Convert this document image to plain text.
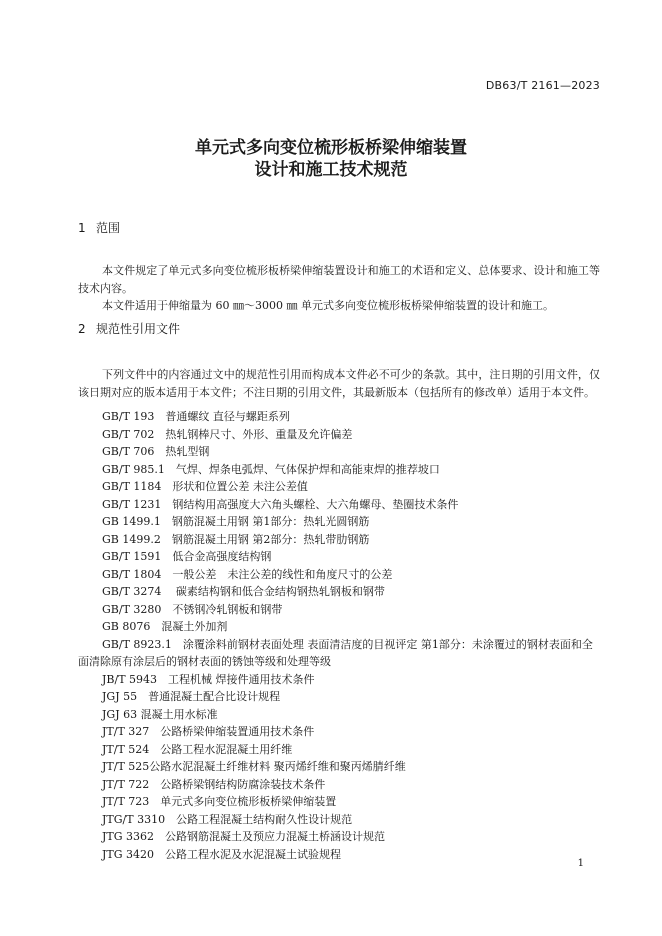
DB63/T 2161—2023
单元式多向变位梳形板桥梁伸缩装置
设计和施工技术规范
1 范围

本文件规定了单元式多向变位梳形板桥梁伸缩装置设计和施工的术语和定义、总体要求、设计和施工等技术内容。

本文件适用于伸缩量为 60 ㎜～3000 ㎜ 单元式多向变位梳形板桥梁伸缩装置的设计和施工。

2 规范性引用文件

下列文件中的内容通过文中的规范性引用而构成本文件必不可少的条款。其中，注日期的引用文件，仅该日期对应的版本适用于本文件；不注日期的引用文件，其最新版本（包括所有的修改单）适用于本文件。

GB/T 193　普通螺纹 直径与螺距系列
GB/T 702　热轧钢棒尺寸、外形、重量及允许偏差
GB/T 706　热轧型钢
GB/T 985.1　气焊、焊条电弧焊、气体保护焊和高能束焊的推荐坡口
GB/T 1184　形状和位置公差 未注公差值
GB/T 1231　钢结构用高强度大六角头螺栓、大六角螺母、垫圈技术条件
GB 1499.1　钢筋混凝土用钢 第1部分：热轧光圆钢筋
GB 1499.2　钢筋混凝土用钢 第2部分：热轧带肋钢筋
GB/T 1591　低合金高强度结构钢
GB/T 1804　一般公差　未注公差的线性和角度尺寸的公差
GB/T 3274　 碳素结构钢和低合金结构钢热轧钢板和钢带
GB/T 3280　不锈钢冷轧钢板和钢带
GB 8076　混凝土外加剂
GB/T 8923.1　涂覆涂料前钢材表面处理 表面清洁度的目视评定 第1部分：未涂覆过的钢材表面和全面清除原有涂层后的钢材表面的锈蚀等级和处理等级
JB/T 5943　工程机械 焊接件通用技术条件
JGJ 55　普通混凝土配合比设计规程
JGJ 63 混凝土用水标准
JT/T 327　公路桥梁伸缩装置通用技术条件
JT/T 524　公路工程水泥混凝土用纤维
JT/T 525公路水泥混凝土纤维材料 聚丙烯纤维和聚丙烯腈纤维
JT/T 722　公路桥梁钢结构防腐涂装技术条件
JT/T 723　单元式多向变位梳形板桥梁伸缩装置
JTG/T 3310　公路工程混凝土结构耐久性设计规范
JTG 3362　公路钢筋混凝土及预应力混凝土桥涵设计规范
JTG 3420　公路工程水泥及水泥混凝土试验规程
1
